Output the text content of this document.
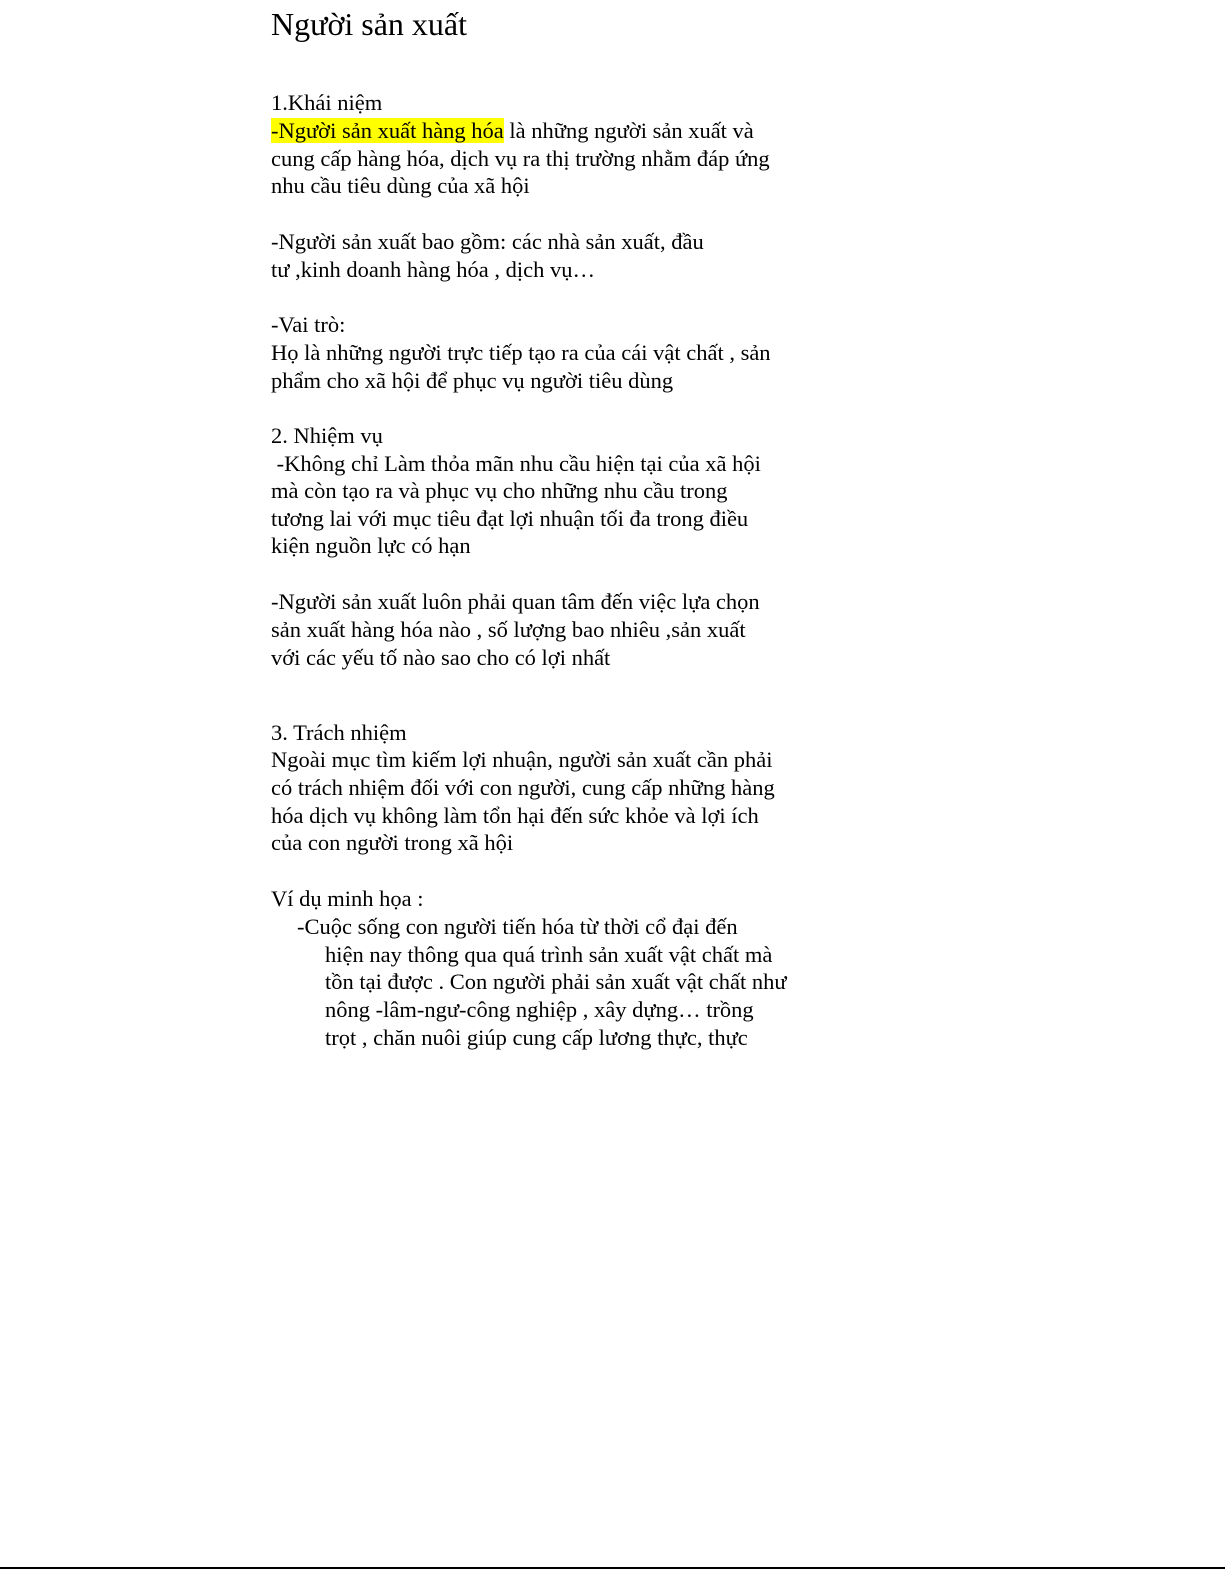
Người sản xuất

1.Khái niệm

-Người sản xuất hàng hóa là những người sản xuất và

cung cấp hàng hóa, dịch vụ ra thị trường nhằm đáp ứng

nhu cầu tiêu dùng của xã hội

-Người sản xuất bao gồm: các nhà sản xuất, đầu

tư ,kinh doanh hàng hóa , dịch vụ…

-Vai trò:

Họ là những người trực tiếp tạo ra của cái vật chất , sản

phẩm cho xã hội để phục vụ người tiêu dùng

2. Nhiệm vụ

-Không chỉ Làm thỏa mãn nhu cầu hiện tại của xã hội

mà còn tạo ra và phục vụ cho những nhu cầu trong

tương lai với mục tiêu đạt lợi nhuận tối đa trong điều

kiện nguồn lực có hạn

-Người sản xuất luôn phải quan tâm đến việc lựa chọn

sản xuất hàng hóa nào , số lượng bao nhiêu ,sản xuất

với các yếu tố nào sao cho có lợi nhất

3. Trách nhiệm

Ngoài mục tìm kiếm lợi nhuận, người sản xuất cần phải

có trách nhiệm đối với con người, cung cấp những hàng

hóa dịch vụ không làm tổn hại đến sức khỏe và lợi ích

của con người trong xã hội

Ví dụ minh họa :

-Cuộc sống con người tiến hóa từ thời cổ đại đến

hiện nay thông qua quá trình sản xuất vật chất mà

tồn tại được . Con người phải sản xuất vật chất như

nông -lâm-ngư-công nghiệp , xây dựng… trồng

trọt , chăn nuôi giúp cung cấp lương thực, thực
